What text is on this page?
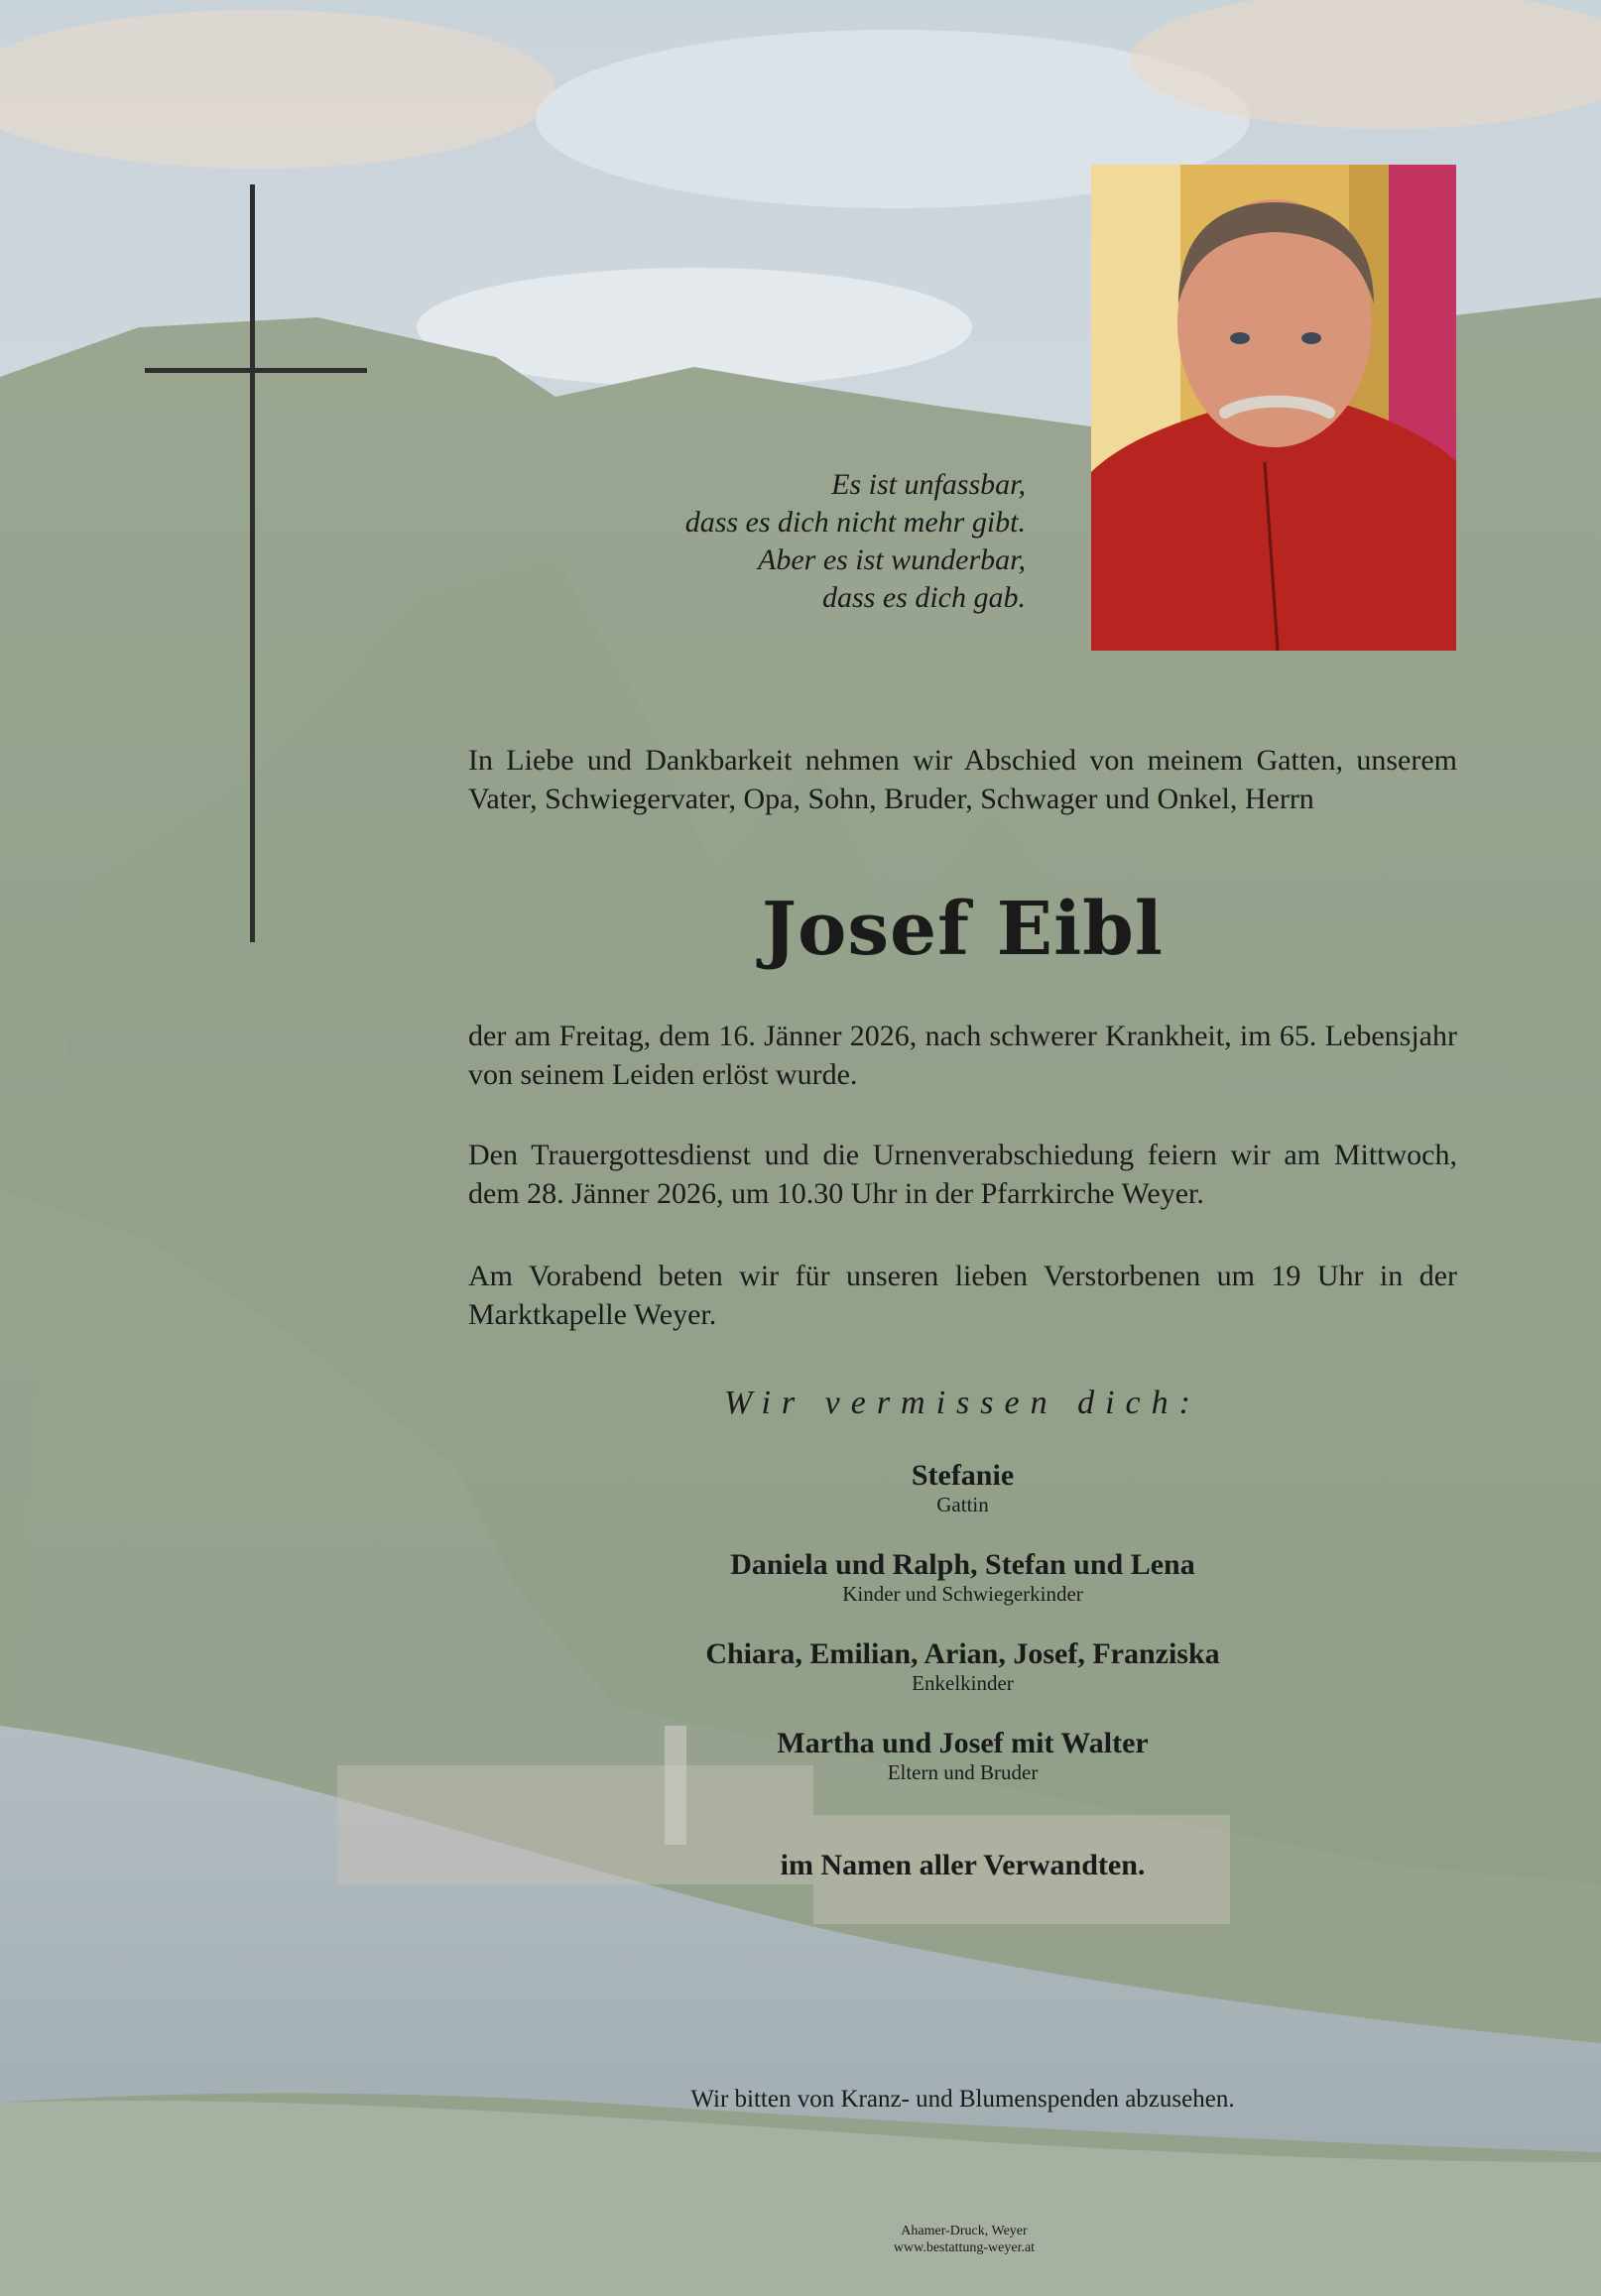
Es ist unfassbar,
dass es dich nicht mehr gibt.
Aber es ist wunderbar,
dass es dich gab.
In Liebe und Dankbarkeit nehmen wir Abschied von meinem Gatten, unserem Vater, Schwiegervater, Opa, Sohn, Bruder, Schwager und Onkel, Herrn
Josef Eibl
der am Freitag, dem 16. Jänner 2026, nach schwerer Krankheit, im 65. Lebensjahr von seinem Leiden erlöst wurde.
Den Trauergottesdienst und die Urnenverabschiedung feiern wir am Mittwoch, dem 28. Jänner 2026, um 10.30 Uhr in der Pfarrkirche Weyer.
Am Vorabend beten wir für unseren lieben Verstorbenen um 19 Uhr in der Marktkapelle Weyer.
Wir vermissen dich:
Stefanie
Gattin
Daniela und Ralph, Stefan und Lena
Kinder und Schwiegerkinder
Chiara, Emilian, Arian, Josef, Franziska
Enkelkinder
Martha und Josef mit Walter
Eltern und Bruder
im Namen aller Verwandten.
Wir bitten von Kranz- und Blumenspenden abzusehen.
Ahamer-Druck, Weyer
www.bestattung-weyer.at
